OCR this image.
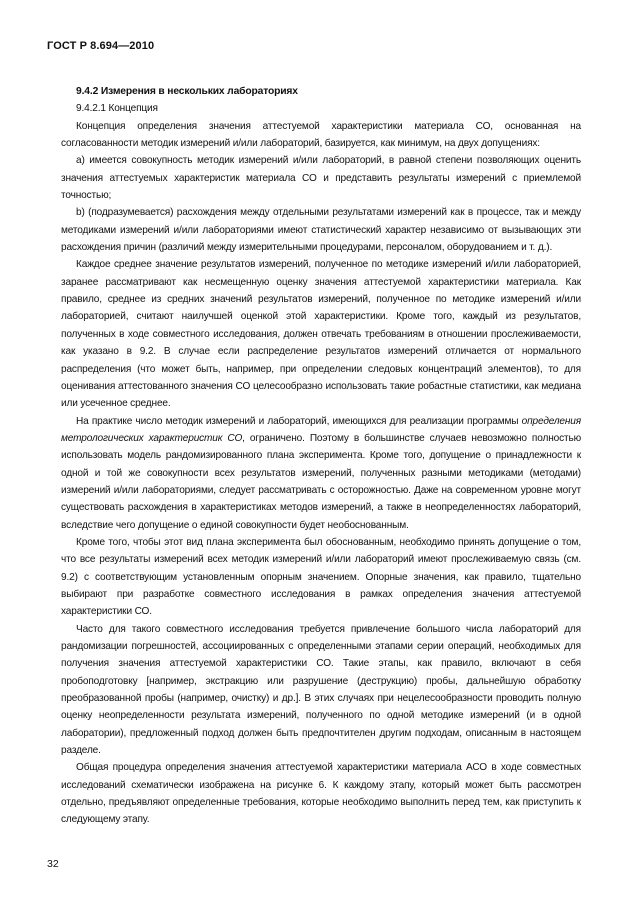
ГОСТ Р 8.694—2010

9.4.2 Измерения в нескольких лабораториях

9.4.2.1 Концепция

Концепция определения значения аттестуемой характеристики материала СО, основанная на согласованности методик измерений и/или лабораторий, базируется, как минимум, на двух допущениях:

а) имеется совокупность методик измерений и/или лабораторий, в равной степени позволяющих оценить значения аттестуемых характеристик материала СО и представить результаты измерений с приемлемой точностью;

b) (подразумевается) расхождения между отдельными результатами измерений как в процессе, так и между методиками измерений и/или лабораториями имеют статистический характер независимо от вызывающих эти расхождения причин (различий между измерительными процедурами, персоналом, оборудованием и т. д.).

Каждое среднее значение результатов измерений, полученное по методике измерений и/или лабораторией, заранее рассматривают как несмещенную оценку значения аттестуемой характеристики материала. Как правило, среднее из средних значений результатов измерений, полученное по методике измерений и/или лабораторией, считают наилучшей оценкой этой характеристики. Кроме того, каждый из результатов, полученных в ходе совместного исследования, должен отвечать требованиям в отношении прослеживаемости, как указано в 9.2. В случае если распределение результатов измерений отличается от нормального распределения (что может быть, например, при определении следовых концентраций элементов), то для оценивания аттестованного значения СО целесообразно использовать такие робастные статистики, как медиана или усеченное среднее.

На практике число методик измерений и лабораторий, имеющихся для реализации программы определения метрологических характеристик СО, ограничено. Поэтому в большинстве случаев невозможно полностью использовать модель рандомизированного плана эксперимента. Кроме того, допущение о принадлежности к одной и той же совокупности всех результатов измерений, полученных разными методиками (методами) измерений и/или лабораториями, следует рассматривать с осторожностью. Даже на современном уровне могут существовать расхождения в характеристиках методов измерений, а также в неопределенностях лабораторий, вследствие чего допущение о единой совокупности будет необоснованным.

Кроме того, чтобы этот вид плана эксперимента был обоснованным, необходимо принять допущение о том, что все результаты измерений всех методик измерений и/или лабораторий имеют прослеживаемую связь (см. 9.2) с соответствующим установленным опорным значением. Опорные значения, как правило, тщательно выбирают при разработке совместного исследования в рамках определения значения аттестуемой характеристики СО.

Часто для такого совместного исследования требуется привлечение большого числа лабораторий для рандомизации погрешностей, ассоциированных с определенными этапами серии операций, необходимых для получения значения аттестуемой характеристики СО. Такие этапы, как правило, включают в себя пробоподготовку [например, экстракцию или разрушение (деструкцию) пробы, дальнейшую обработку преобразованной пробы (например, очистку) и др.]. В этих случаях при нецелесообразности проводить полную оценку неопределенности результата измерений, полученного по одной методике измерений (и в одной лаборатории), предложенный подход должен быть предпочтителен другим подходам, описанным в настоящем разделе.

Общая процедура определения значения аттестуемой характеристики материала АСО в ходе совместных исследований схематически изображена на рисунке 6. К каждому этапу, который может быть рассмотрен отдельно, предъявляют определенные требования, которые необходимо выполнить перед тем, как приступить к следующему этапу.

32
